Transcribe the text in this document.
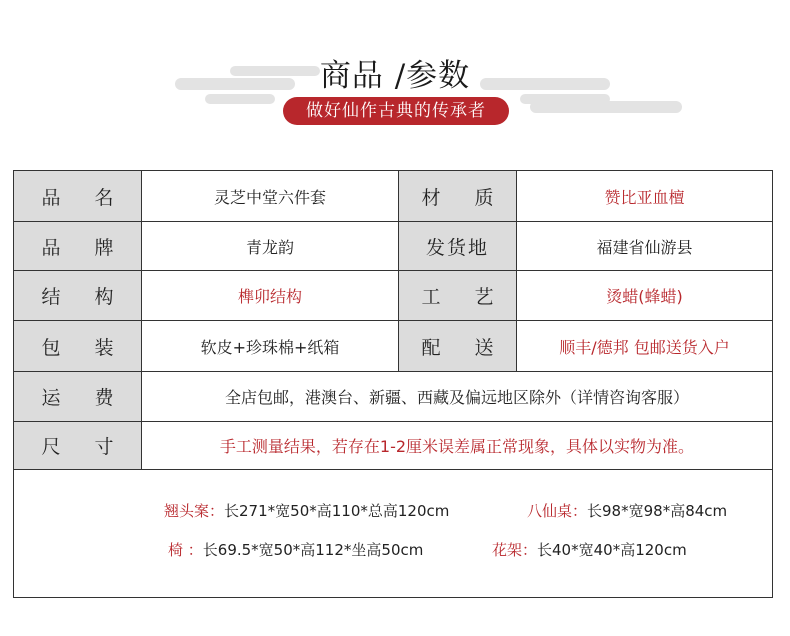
商品 /参数
做好仙作古典的传承者
品 名	灵芝中堂六件套	材 质	赞比亚血檀
品 牌	青龙韵	发货地	福建省仙游县
结 构	榫卯结构	工 艺	烫蜡(蜂蜡)
包 装	软皮+珍珠棉+纸箱	配 送	顺丰/德邦 包邮送货入户
运 费	全店包邮，港澳台、新疆、西藏及偏远地区除外（详情咨询客服）
尺 寸	手工测量结果，若存在1-2厘米误差属正常现象，具体以实物为准。
翘头案：长271*宽50*高110*总高120cm	八仙桌：长98*宽98*高84cm
椅 ：长69.5*宽50*高112*坐高50cm	花架：长40*宽40*高120cm
